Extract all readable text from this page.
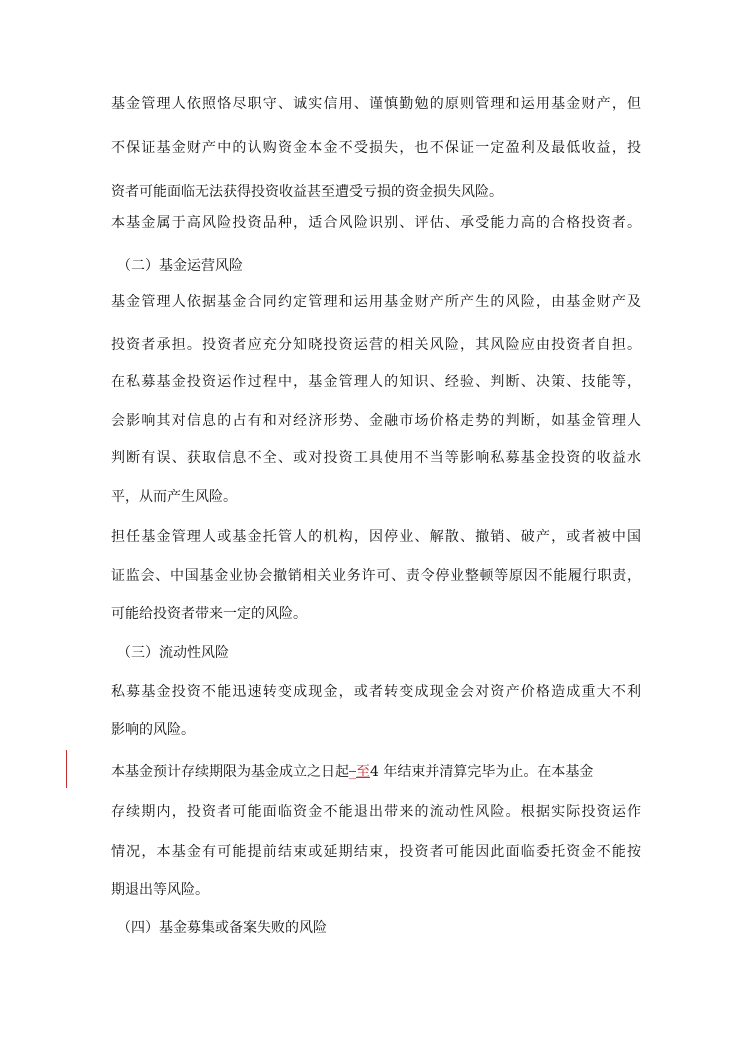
基金管理人依照恪尽职守、诚实信用、谨慎勤勉的原则管理和运用基金财产，但
不保证基金财产中的认购资金本金不受损失，也不保证一定盈利及最低收益，投
资者可能面临无法获得投资收益甚至遭受亏损的资金损失风险。
本基金属于高风险投资品种，适合风险识别、评估、承受能力高的合格投资者。
（二）基金运营风险
基金管理人依据基金合同约定管理和运用基金财产所产生的风险，由基金财产及
投资者承担。投资者应充分知晓投资运营的相关风险，其风险应由投资者自担。
在私募基金投资运作过程中，基金管理人的知识、经验、判断、决策、技能等，
会影响其对信息的占有和对经济形势、金融市场价格走势的判断，如基金管理人
判断有误、获取信息不全、或对投资工具使用不当等影响私募基金投资的收益水
平，从而产生风险。
担任基金管理人或基金托管人的机构，因停业、解散、撤销、破产，或者被中国
证监会、中国基金业协会撤销相关业务许可、责令停业整顿等原因不能履行职责，
可能给投资者带来一定的风险。
（三）流动性风险
私募基金投资不能迅速转变成现金，或者转变成现金会对资产价格造成重大不利
影响的风险。
本基金预计存续期限为基金成立之日起_至4 年结束并清算完毕为止。在本基金
存续期内，投资者可能面临资金不能退出带来的流动性风险。根据实际投资运作
情况，本基金有可能提前结束或延期结束，投资者可能因此面临委托资金不能按
期退出等风险。
（四）基金募集或备案失败的风险
